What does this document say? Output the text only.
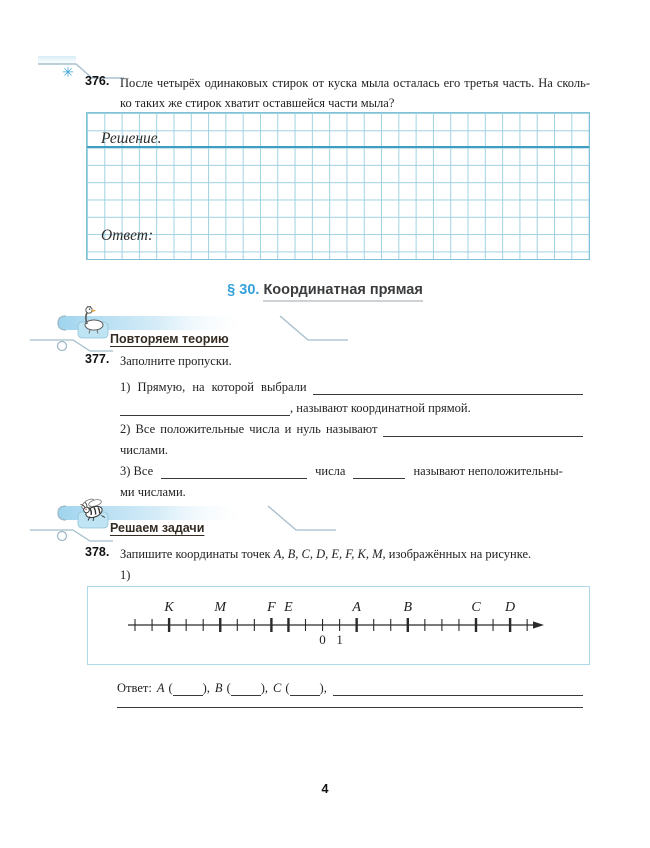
✳ 376. После четырёх одинаковых стирок от куска мыла осталась его третья часть. На сколь-
ко таких же стирок хватит оставшейся части мыла?
Решение.
Ответ:
§ 30. Координатная прямая
Повторяем теорию
377. Заполните пропуски.
1) Прямую, на которой выбрали
, называют координатной прямой.
2) Все положительные числа и нуль называют
числами.
3) Все	числа	называют неположительны-
ми числами.
Решаем задачи
378. Запишите координаты точек A, B, C, D, E, F, K, M, изображённых на рисунке.
1)
K	M	F E	A	B	C D
0 1
Ответ: A ( ), B ( ), C ( ),
4
